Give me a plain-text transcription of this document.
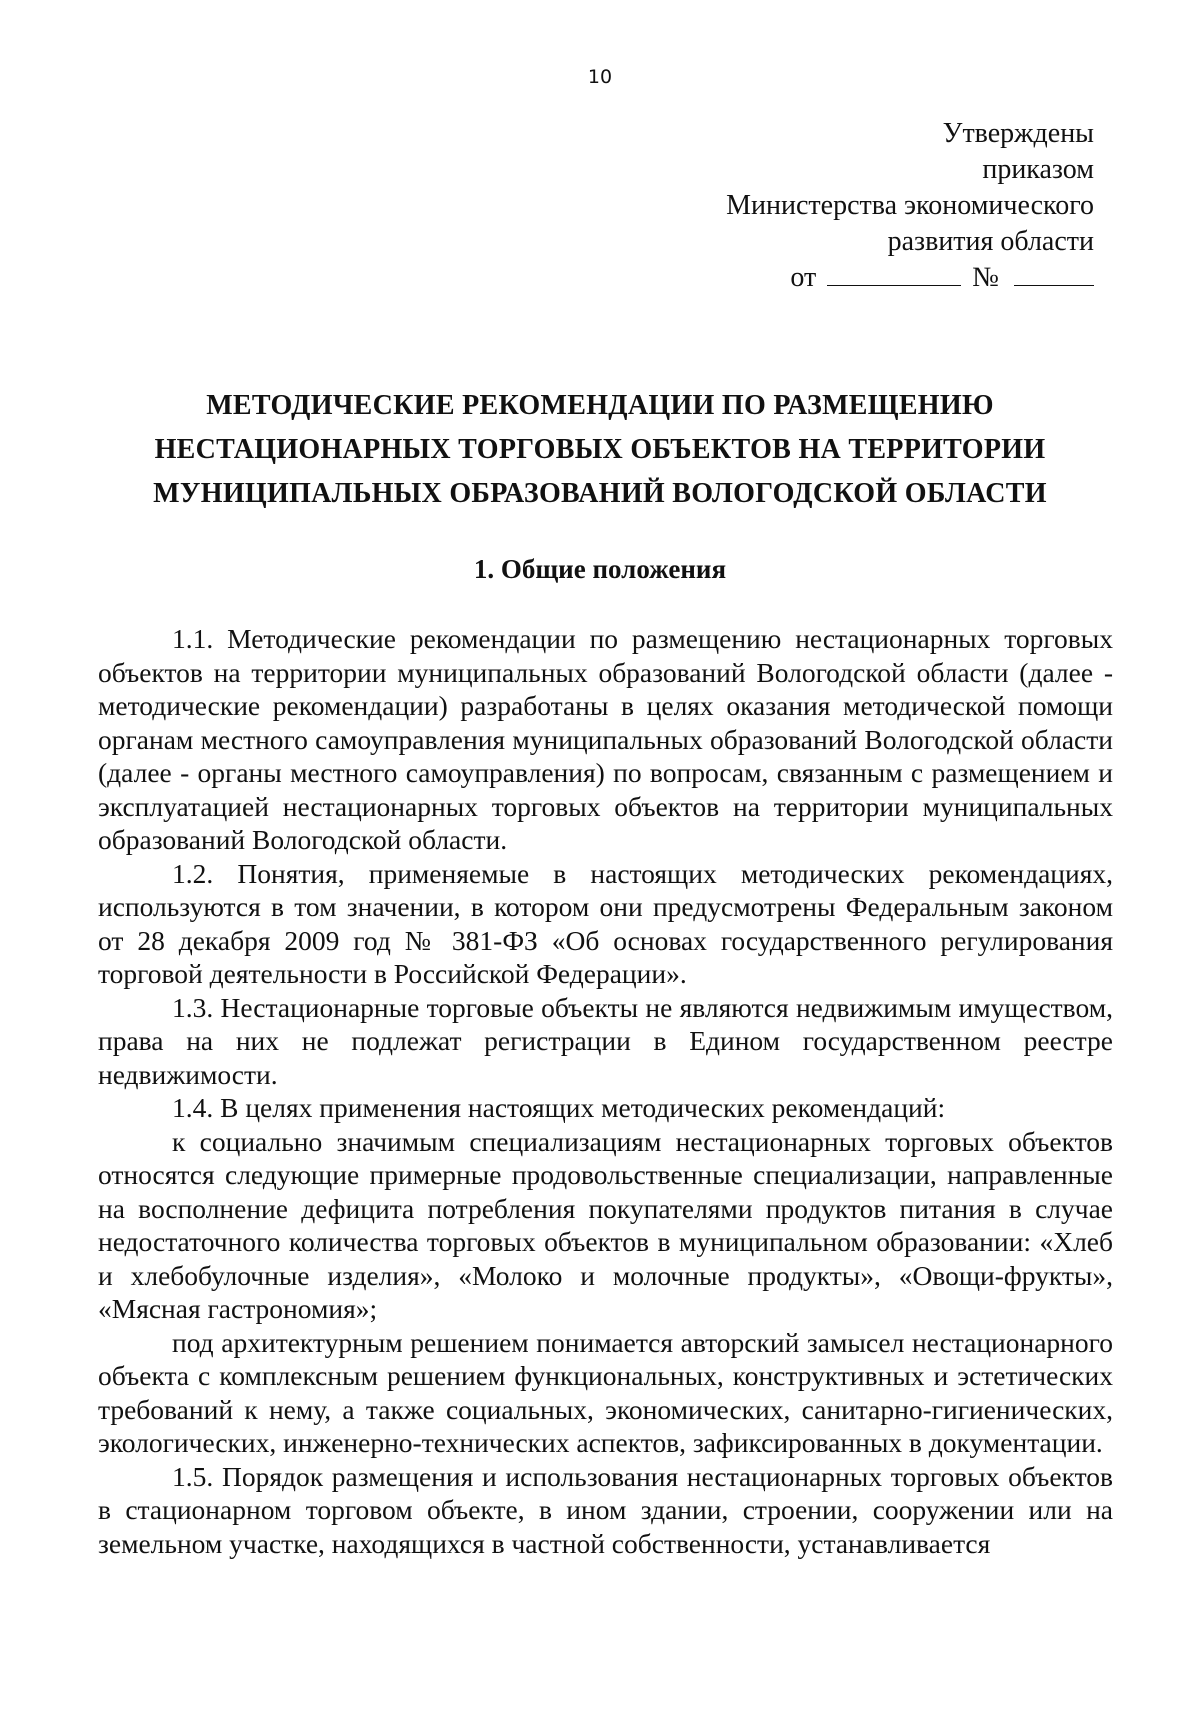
10
Утверждены
приказом
Министерства экономического
развития области
от	№
МЕТОДИЧЕСКИЕ РЕКОМЕНДАЦИИ ПО РАЗМЕЩЕНИЮ
НЕСТАЦИОНАРНЫХ ТОРГОВЫХ ОБЪЕКТОВ НА ТЕРРИТОРИИ
МУНИЦИПАЛЬНЫХ ОБРАЗОВАНИЙ ВОЛОГОДСКОЙ ОБЛАСТИ
1. Общие положения

1.1. Методические рекомендации по размещению нестационарных торговых объектов на территории муниципальных образований Вологодской области (далее - методические рекомендации) разработаны в целях оказания методической помощи органам местного самоуправления муниципальных образований Вологодской области (далее - органы местного самоуправления) по вопросам, связанным с размещением и эксплуатацией нестационарных торговых объектов на территории муниципальных образований Вологодской области.

1.2. Понятия, применяемые в настоящих методических рекомендациях, используются в том значении, в котором они предусмотрены Федеральным законом от 28 декабря 2009 год № 381-ФЗ «Об основах государственного регулирования торговой деятельности в Российской Федерации».

1.3. Нестационарные торговые объекты не являются недвижимым имуществом, права на них не подлежат регистрации в Едином государственном реестре недвижимости.

1.4. В целях применения настоящих методических рекомендаций:

к социально значимым специализациям нестационарных торговых объектов относятся следующие примерные продовольственные специализации, направленные на восполнение дефицита потребления покупателями продуктов питания в случае недостаточного количества торговых объектов в муниципальном образовании: «Хлеб и хлебобулочные изделия», «Молоко и молочные продукты», «Овощи-фрукты», «Мясная гастрономия»;

под архитектурным решением понимается авторский замысел нестационарного объекта с комплексным решением функциональных, конструктивных и эстетических требований к нему, а также социальных, экономических, санитарно-гигиенических, экологических, инженерно-технических аспектов, зафиксированных в документации.

1.5. Порядок размещения и использования нестационарных торговых объектов в стационарном торговом объекте, в ином здании, строении, сооружении или на земельном участке, находящихся в частной собственности, устанавливается
